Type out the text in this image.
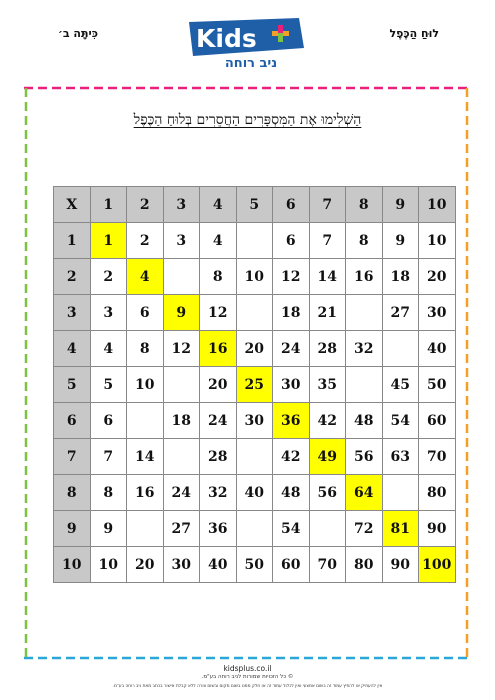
כִּיתָּה ב׳	לוּחַ הַכֶּפֶל
Kids
ניב רוחה
הַשְׁלִימוּ אֶת הַמִּסְפָּרִים הַחֲסֵרִים בְּלוּחַ הַכֶּפֶל
X	1	2	3	4	5	6	7	8	9	10
1	1	2	3	4		6	7	8	9	10
2	2	4		8	10	12	14	16	18	20
3	3	6	9	12		18	21		27	30
4	4	8	12	16	20	24	28	32		40
5	5	10		20	25	30	35		45	50
6	6		18	24	30	36	42	48	54	60
7	7	14		28		42	49	56	63	70
8	8	16	24	32	40	48	56	64		80
9	9		27	36		54		72	81	90
10	10	20	30	40	50	60	70	80	90	100
kidsplus.co.il
© כל הזכויות שמורות לניב רוחה בע"מ.
אין להעתיק או להפיץ עמוד זה בשום אמצעי ואין לכלול עמוד זה או חלק ממנו בשום מקום ובשום צורה ללא קבלת אישור בכתב מאת ניב רוחה בע"מ.
